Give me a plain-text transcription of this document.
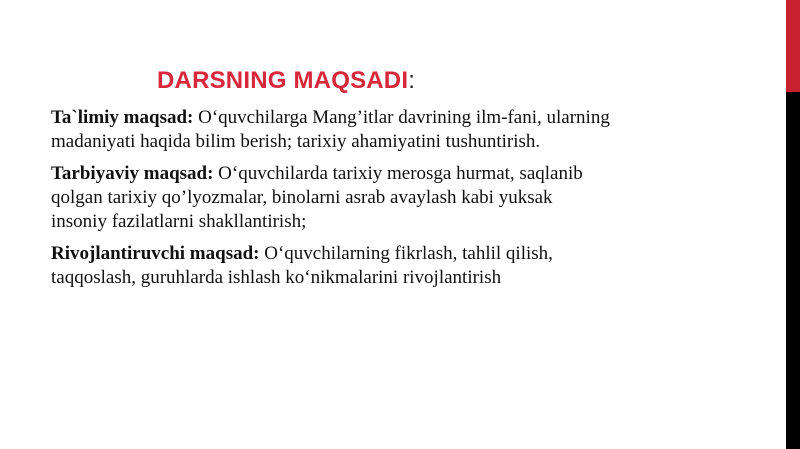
DARSNING MAQSADI:

Ta`limiy maqsad: O‘quvchilarga Mang’itlar davrining ilm-fani, ularning madaniyati haqida bilim berish; tarixiy ahamiyatini tushuntirish.

Tarbiyaviy maqsad: O‘quvchilarda tarixiy merosga hurmat, saqlanib qolgan tarixiy qo’lyozmalar, binolarni asrab avaylash kabi yuksak insoniy fazilatlarni shakllantirish;

Rivojlantiruvchi maqsad: O‘quvchilarning fikrlash, tahlil qilish, taqqoslash, guruhlarda ishlash ko‘nikmalarini rivojlantirish
